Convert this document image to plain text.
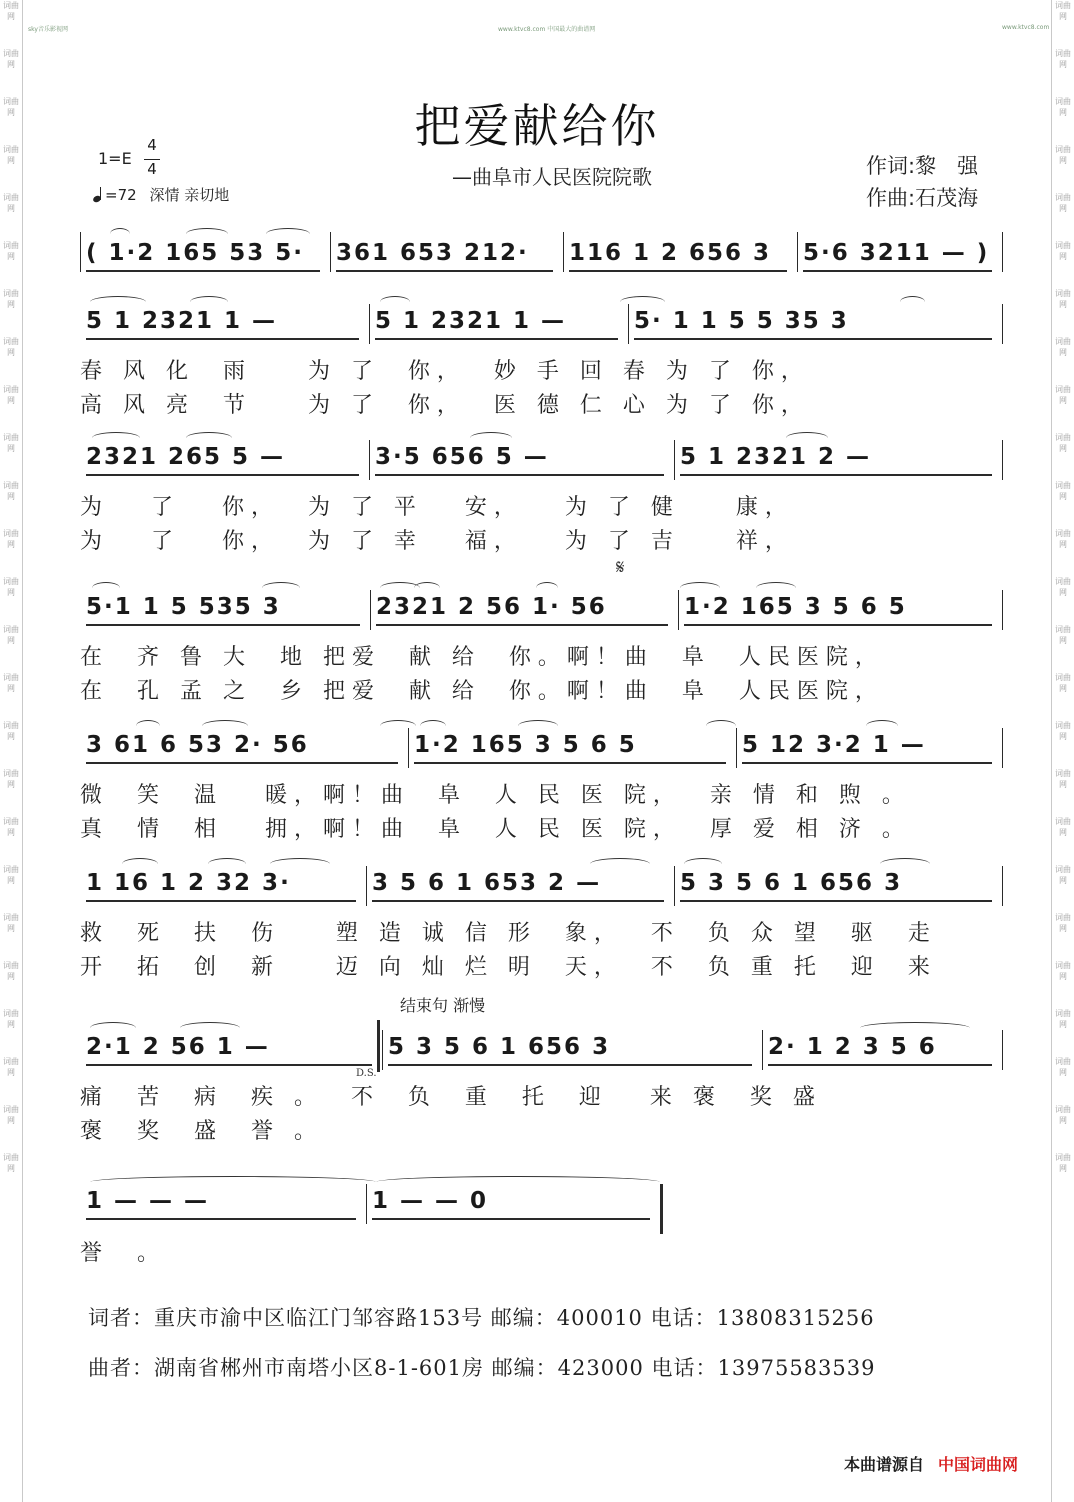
词曲网
词曲网
词曲网
词曲网
词曲网
词曲网
词曲网
词曲网
词曲网
词曲网
词曲网
词曲网
词曲网
词曲网
词曲网
词曲网
词曲网
词曲网
词曲网
词曲网
词曲网
词曲网
词曲网
词曲网
词曲网
词曲网
词曲网
词曲网
词曲网
词曲网
词曲网
词曲网
词曲网
词曲网
词曲网
词曲网
词曲网
词曲网
词曲网
词曲网
词曲网
词曲网
词曲网
词曲网
词曲网
词曲网
词曲网
词曲网
词曲网
词曲网
sky音乐影视网	www.ktvc8.com 中国最大的曲谱网	www.ktvc8.com
把爱献给你
—曲阜市人民医院院歌	作词:黎　强
作曲:石茂海
1=E
4
4
=72 深情 亲切地
( 1·2 165 53 5· 361 653 212· 116 1 2 656 3 5·6 3211 — )
5 1 2321 1 —	5 1 2321 1 —	5· 1 1 5 5 35 3
春 风 化  雨    为 了  你，  妙 手 回 春 为 了 你，
高 风 亮  节    为 了  你，  医 德 仁 心 为 了 你，
2321 265 5 —	3·5 656 5 —	5 1 2321 2 —
为   了   你，  为 了 平   安，   为 了 健    康，
为   了   你，  为 了 幸   福，   为 了 吉    祥，
5·1 1 5 535 3	2321 2 56 1· 56	1·2 165 3 5 6 5
在  齐 鲁 大  地 把爱  献 给  你。啊！曲  阜  人民医院，
在  孔 孟 之  乡 把爱  献 给  你。啊！曲  阜  人民医院，
3 61 6 53 2· 56	1·2 165 3 5 6 5	5 12 3·2 1 —
微  笑  温   暖，啊！曲  阜  人 民 医 院，  亲 情 和 煦 。
真  情  相   拥，啊！曲  阜  人 民 医 院，  厚 爱 相 济 。
1 16 1 2 32 3·	3 5 6 1 653 2 —	5 3 5 6 1 656 3
救  死  扶  伤    塑 造 诚 信 形  象，  不  负 众 望  驱  走
开  拓  创  新    迈 向 灿 烂 明  天，  不  负 重 托  迎  来
2·1 2 56 1 —	5 3 5 6 1 656 3	2· 1 2 3 5 6
痛  苦  病  疾 。  不  负  重  托  迎   来 褒  奖 盛
褒  奖  盛  誉 。
1 — — —	1 — — 0
誉  。
𝄋
结束句 渐慢
D.S.
词者：重庆市渝中区临江门邹容路153号 邮编：400010 电话：13808315256
曲者：湖南省郴州市南塔小区8-1-601房 邮编：423000 电话：13975583539
本曲谱源自 中国词曲网
